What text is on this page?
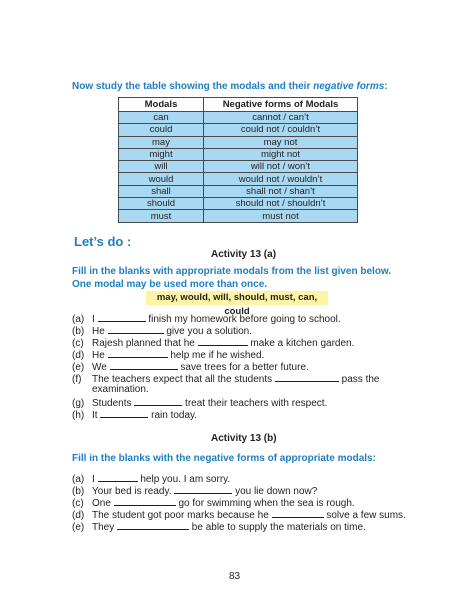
Now study the table showing the modals and their negative forms:
Modals	Negative forms of Modals
can	cannot / can’t
could	could not / couldn’t
may	may not
might	might not
will	will not / won’t
would	would not / wouldn’t
shall	shall not / shan’t
should	should not / shouldn’t
must	must not
Let’s do :
Activity 13 (a)
Fill in the blanks with appropriate modals from the list given below. One modal may be used more than once.
may, would, will, should, must, can, could
(a) I	finish my homework before going to school.
(b) He	give you a solution.
(c) Rajesh planned that he	make a kitchen garden.
(d) He	help me if he wished.
(e) We	save trees for a better future.
(f) The teachers expect that all the students	pass the
examination.
(g) Students	treat their teachers with respect.
(h) It	rain today.
Activity 13 (b)
Fill in the blanks with the negative forms of appropriate modals:
(a) I	help you. I am sorry.
(b) Your bed is ready.	you lie down now?
(c) One	go for swimming when the sea is rough.
(d) The student got poor marks because he	solve a few sums.
(e) They	be able to supply the materials on time.
83
